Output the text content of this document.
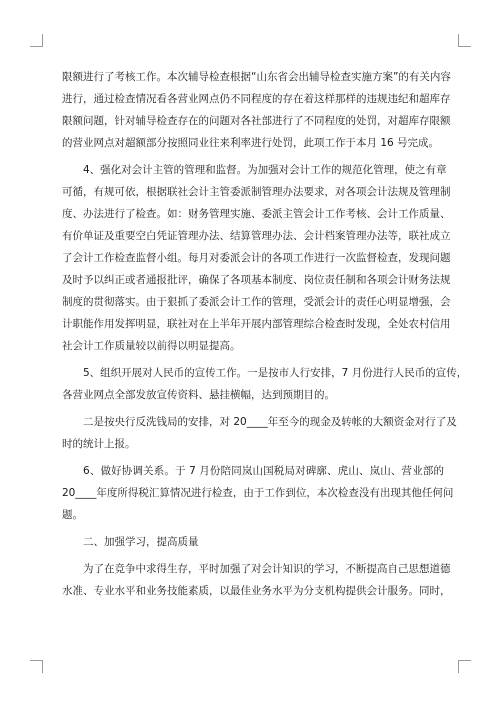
限额进行了考核工作。本次辅导检查根据“山东省会出辅导检查实施方案”的有关内容
进行，通过检查情况看各营业网点仍不同程度的存在着这样那样的违规违纪和超库存
限额问题，针对辅导检查存在的问题对各社部进行了不同程度的处罚，对超库存限额
的营业网点对超额部分按照同业往来利率进行处罚，此项工作于本月 16 号完成。

4、强化对会计主管的管理和监督。为加强对会计工作的规范化管理，使之有章
可循，有规可依，根据联社会计主管委派制管理办法要求，对各项会计法规及管理制
度、办法进行了检查。如：财务管理实施、委派主管会计工作考核、会计工作质量、
有价单证及重要空白凭证管理办法、结算管理办法、会计档案管理办法等，联社成立
了会计工作检查监督小组。每月对委派会计的各项工作进行一次监督检查，发现问题
及时予以纠正或者通报批评，确保了各项基本制度、岗位责任制和各项会计财务法规
制度的贯彻落实。由于狠抓了委派会计工作的管理，受派会计的责任心明显增强，会
计职能作用发挥明显，联社对在上半年开展内部管理综合检查时发现，全处农村信用
社会计工作质量较以前得以明显提高。

5、组织开展对人民币的宣传工作。一是按市人行安排，7 月份进行人民币的宣传，
各营业网点全部发放宣传资料、悬挂横幅，达到预期目的。

二是按央行反洗钱局的安排，对 20____年至今的现金及转帐的大额资金对行了及
时的统计上报。

6、做好协调关系。于 7 月份陪同岚山国税局对碑廓、虎山、岚山、营业部的
20____年度所得税汇算情况进行检查，由于工作到位，本次检查没有出现其他任何问
题。

二、加强学习，提高质量

为了在竞争中求得生存，平时加强了对会计知识的学习，不断提高自己思想道德
水准、专业水平和业务技能素质，以最佳业务水平为分支机构提供会计服务。同时，
